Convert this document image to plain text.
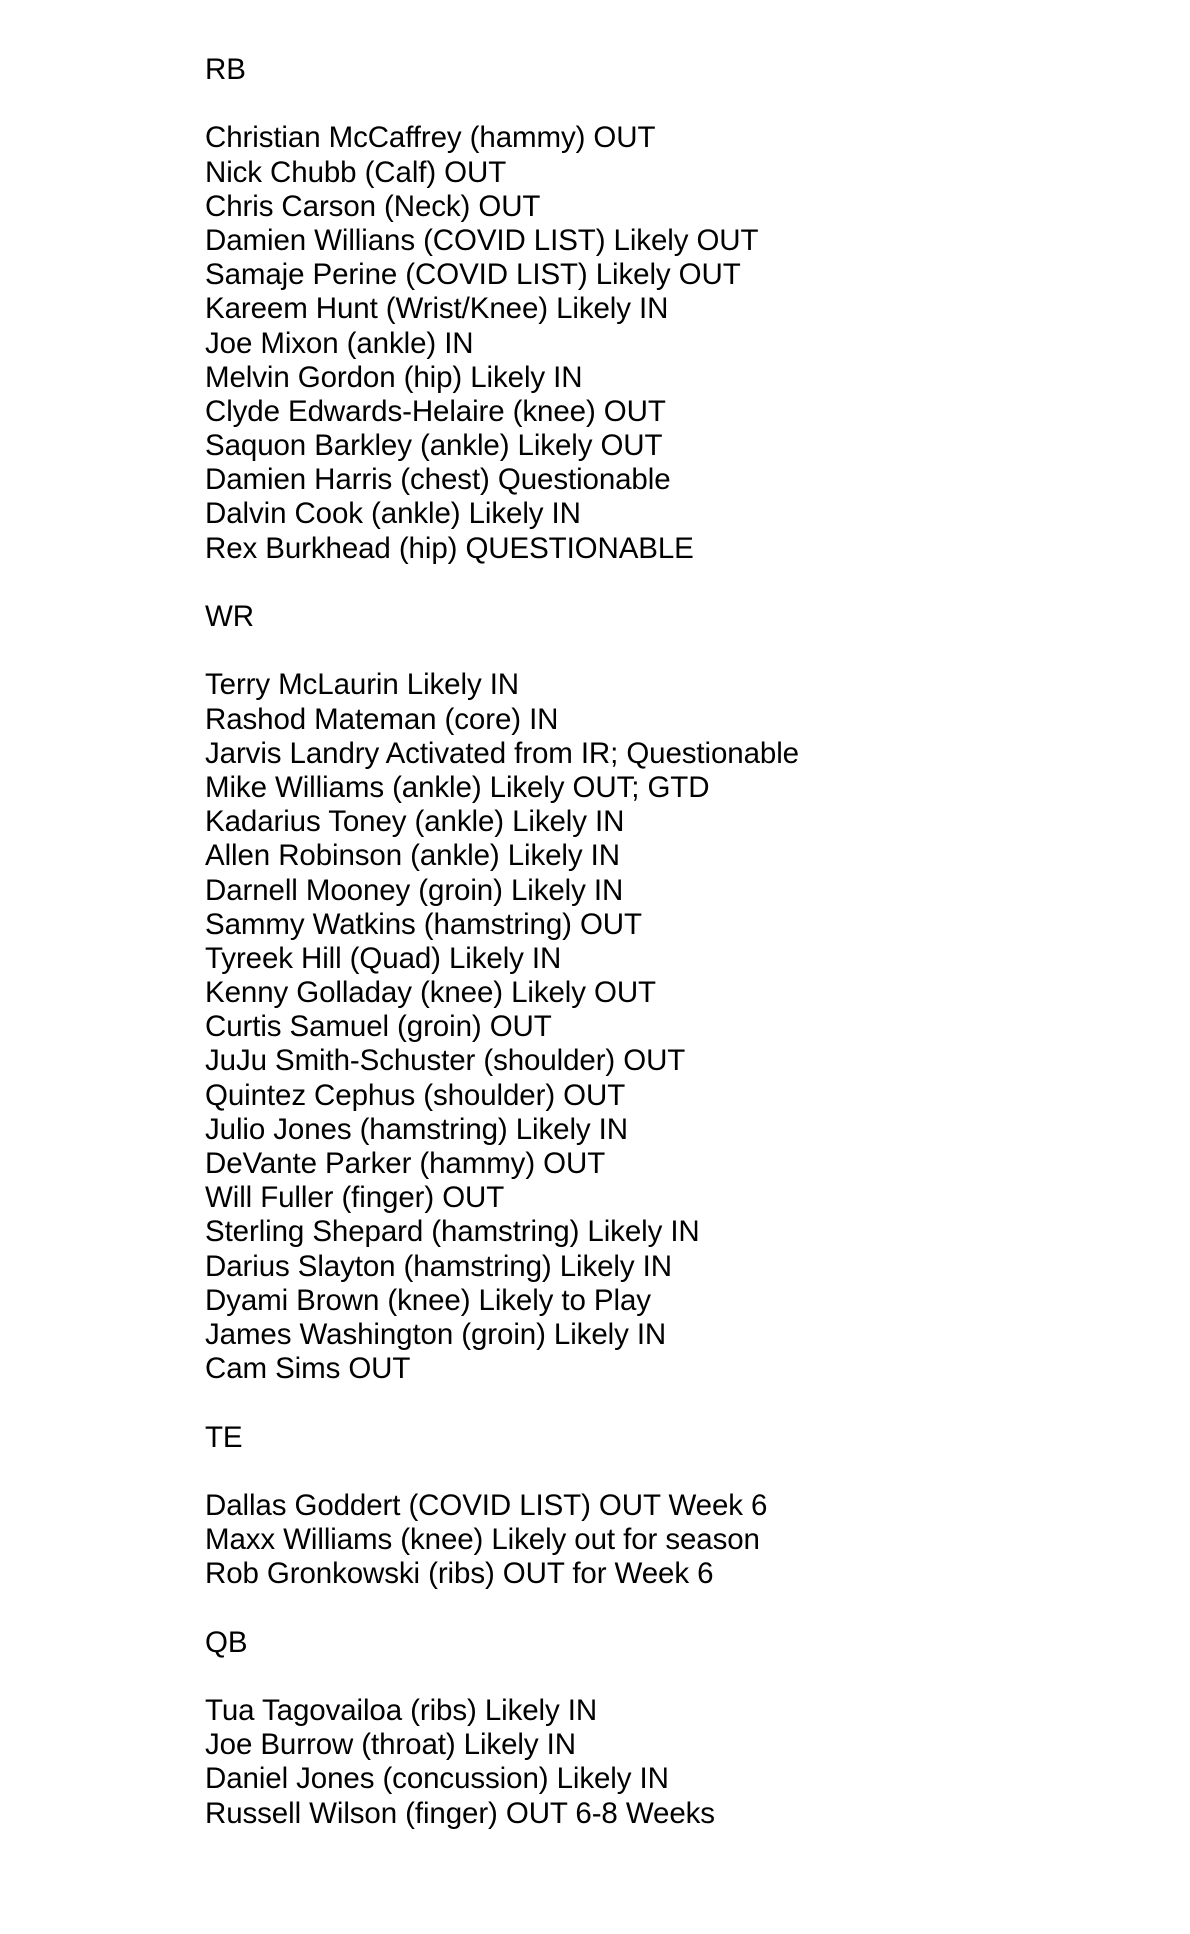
RB
Christian McCaffrey (hammy) OUT
Nick Chubb (Calf) OUT
Chris Carson (Neck) OUT
Damien Willians (COVID LIST) Likely OUT
Samaje Perine (COVID LIST) Likely OUT
Kareem Hunt (Wrist/Knee) Likely IN
Joe Mixon (ankle) IN
Melvin Gordon (hip) Likely IN
Clyde Edwards-Helaire (knee) OUT
Saquon Barkley (ankle) Likely OUT
Damien Harris (chest) Questionable
Dalvin Cook (ankle) Likely IN
Rex Burkhead (hip) QUESTIONABLE
WR
Terry McLaurin Likely IN
Rashod Mateman (core) IN
Jarvis Landry Activated from IR; Questionable
Mike Williams (ankle) Likely OUT; GTD
Kadarius Toney (ankle) Likely IN
Allen Robinson (ankle) Likely IN
Darnell Mooney (groin) Likely IN
Sammy Watkins (hamstring) OUT
Tyreek Hill (Quad) Likely IN
Kenny Golladay (knee) Likely OUT
Curtis Samuel (groin) OUT
JuJu Smith-Schuster (shoulder) OUT
Quintez Cephus (shoulder) OUT
Julio Jones (hamstring) Likely IN
DeVante Parker (hammy) OUT
Will Fuller (finger) OUT
Sterling Shepard (hamstring) Likely IN
Darius Slayton (hamstring) Likely IN
Dyami Brown (knee) Likely to Play
James Washington (groin) Likely IN
Cam Sims OUT
TE
Dallas Goddert (COVID LIST) OUT Week 6
Maxx Williams (knee) Likely out for season
Rob Gronkowski (ribs) OUT for Week 6
QB
Tua Tagovailoa (ribs) Likely IN
Joe Burrow (throat) Likely IN
Daniel Jones (concussion) Likely IN
Russell Wilson (finger) OUT 6-8 Weeks
